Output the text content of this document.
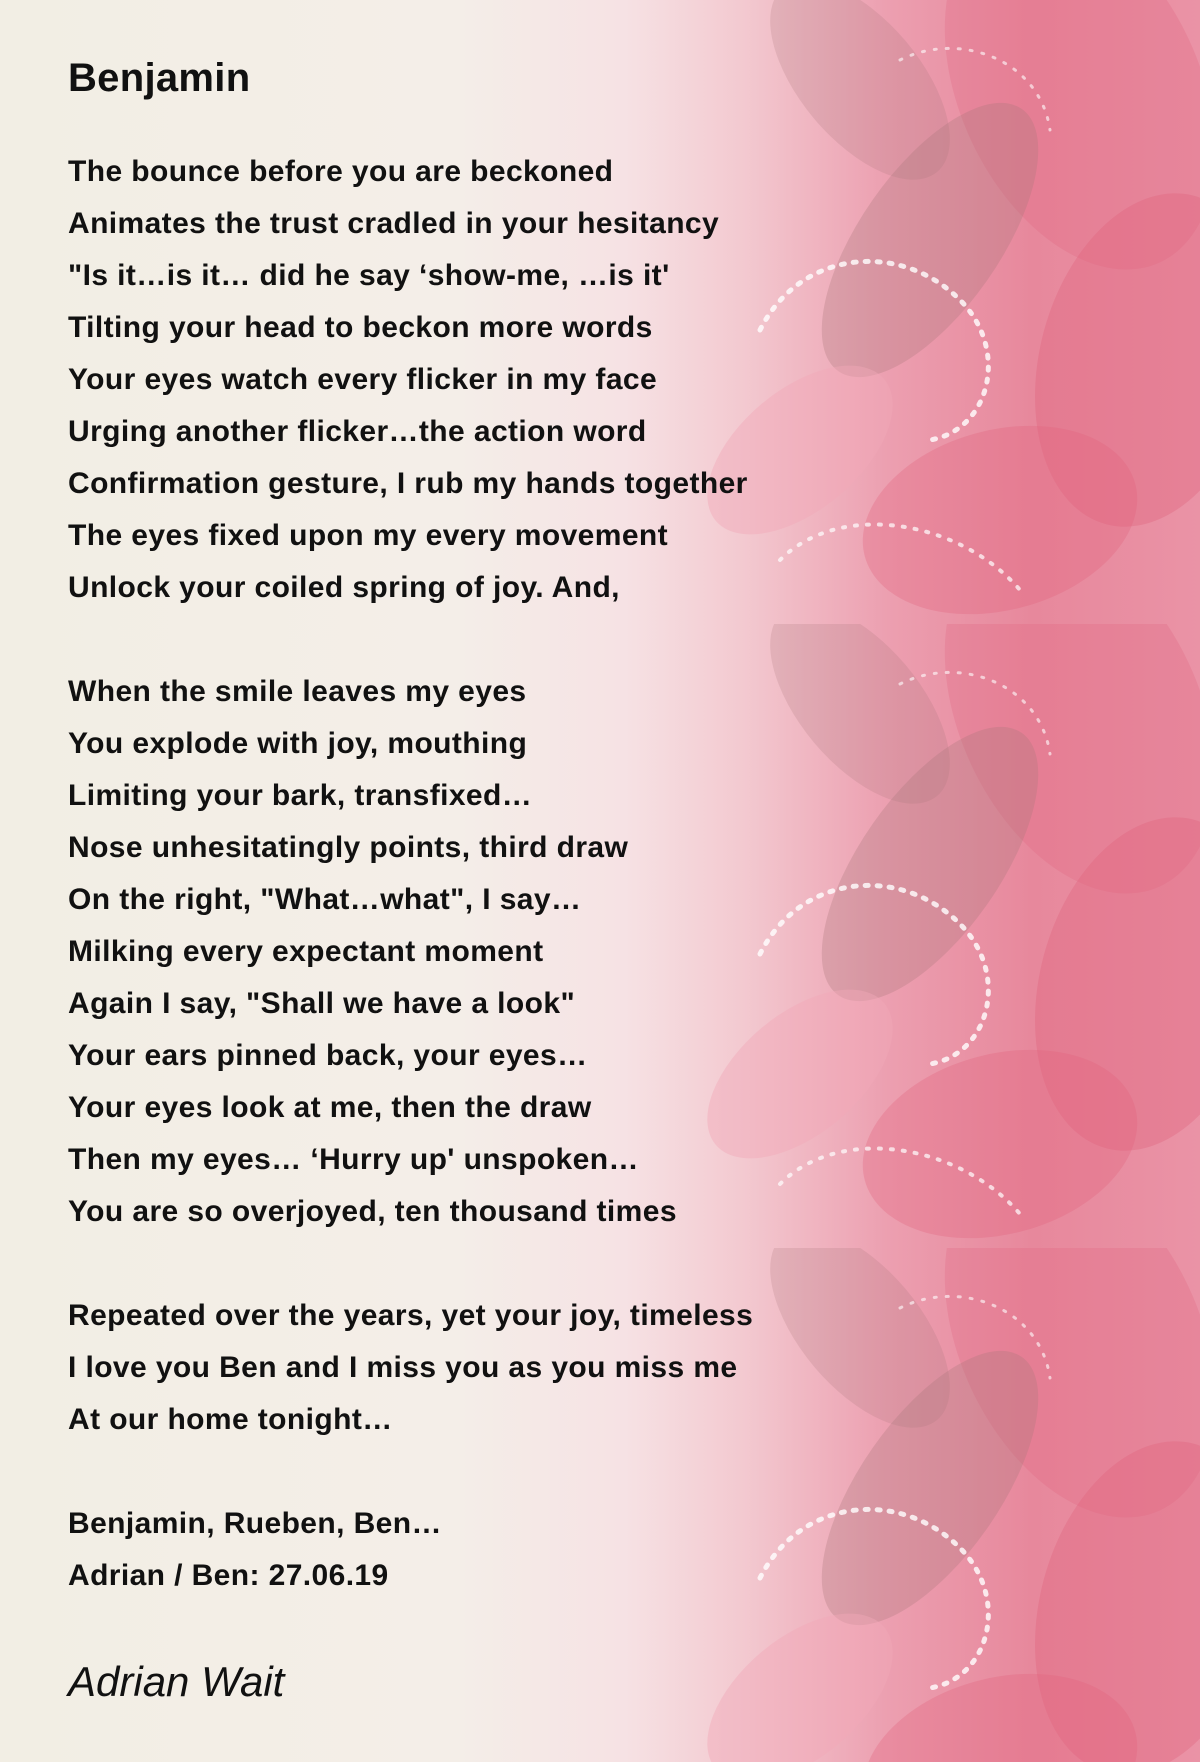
Benjamin
The bounce before you are beckoned
Animates the trust cradled in your hesitancy
"Is it…is it… did he say ‘show-me, …is it'
Tilting your head to beckon more words
Your eyes watch every flicker in my face
Urging another flicker…the action word
Confirmation gesture, I rub my hands together
The eyes fixed upon my every movement
Unlock your coiled spring of joy. And,
When the smile leaves my eyes
You explode with joy, mouthing
Limiting your bark, transfixed…
Nose unhesitatingly points, third draw
On the right, "What…what", I say…
Milking every expectant moment
Again I say, "Shall we have a look"
Your ears pinned back, your eyes…
Your eyes look at me, then the draw
Then my eyes… ‘Hurry up' unspoken…
You are so overjoyed, ten thousand times
Repeated over the years, yet your joy, timeless
I love you Ben and I miss you as you miss me
At our home tonight…
Benjamin, Rueben, Ben…
Adrian / Ben: 27.06.19
Adrian Wait
